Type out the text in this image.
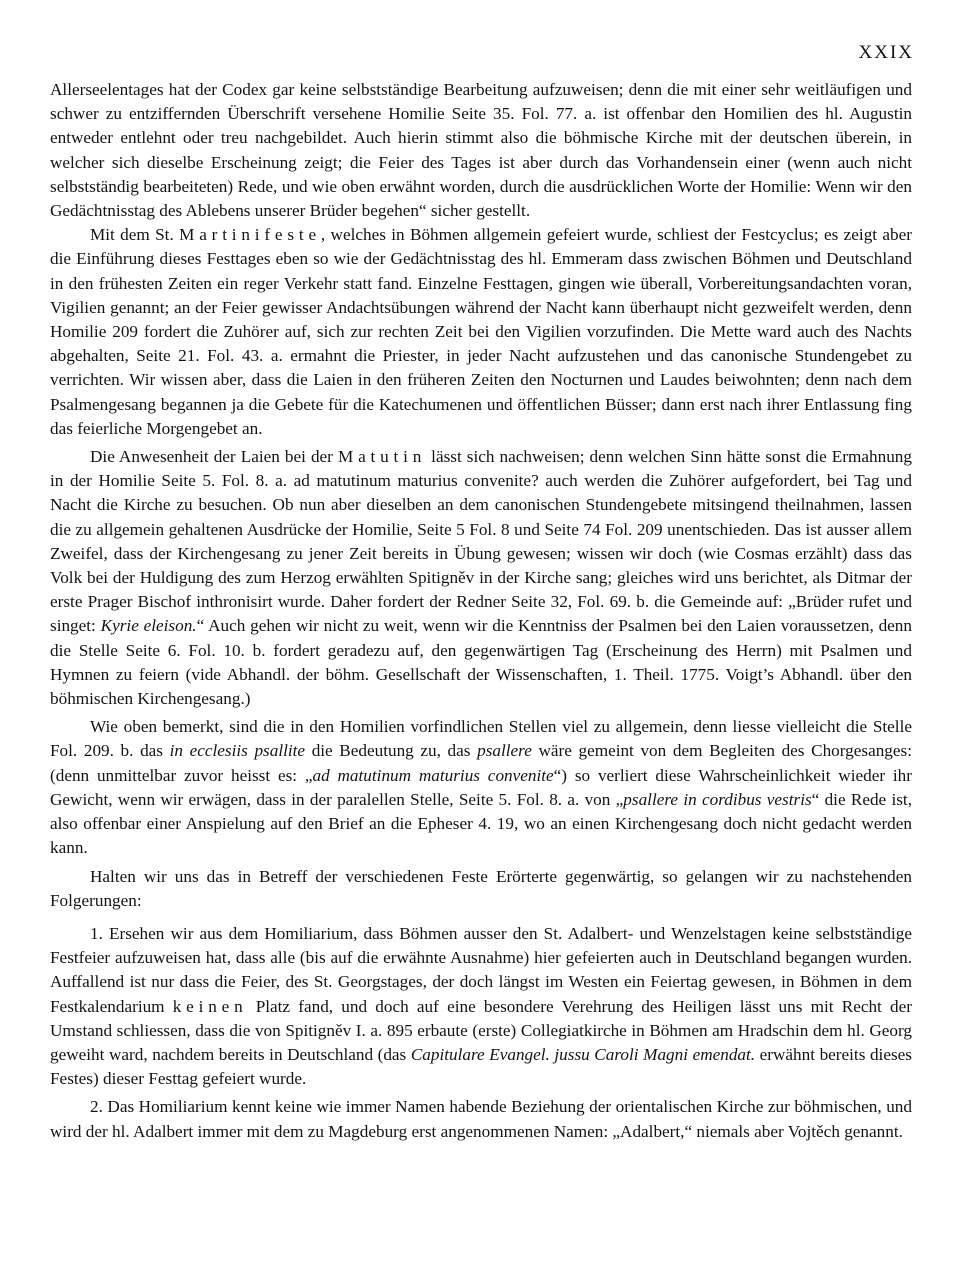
XXIX

Allerseelentages hat der Codex gar keine selbstständige Bearbeitung aufzuweisen; denn die mit einer sehr weitläufigen und schwer zu entziffernden Überschrift versehene Homilie Seite 35. Fol. 77. a. ist offenbar den Homilien des hl. Augustin entweder entlehnt oder treu nachgebildet. Auch hierin stimmt also die böhmische Kirche mit der deutschen überein, in welcher sich dieselbe Erscheinung zeigt; die Feier des Tages ist aber durch das Vorhandensein einer (wenn auch nicht selbstständig bearbeiteten) Rede, und wie oben erwähnt worden, durch die ausdrücklichen Worte der Homilie: Wenn wir den Gedächtnisstag des Ablebens unserer Brüder begehen“ sicher gestellt.

Mit dem St. Martinifeste, welches in Böhmen allgemein gefeiert wurde, schliest der Festcyclus; es zeigt aber die Einführung dieses Festtages eben so wie der Gedächtnisstag des hl. Emmeram dass zwischen Böhmen und Deutschland in den frühesten Zeiten ein reger Verkehr statt fand. Einzelne Festtagen, gingen wie überall, Vorbereitungsandachten voran, Vigilien genannt; an der Feier gewisser Andachtsübungen während der Nacht kann überhaupt nicht gezweifelt werden, denn Homilie 209 fordert die Zuhörer auf, sich zur rechten Zeit bei den Vigilien vorzufinden. Die Mette ward auch des Nachts abgehalten, Seite 21. Fol. 43. a. ermahnt die Priester, in jeder Nacht aufzustehen und das canonische Stundengebet zu verrichten. Wir wissen aber, dass die Laien in den früheren Zeiten den Nocturnen und Laudes beiwohnten; denn nach dem Psalmengesang begannen ja die Gebete für die Katechumenen und öffentlichen Büsser; dann erst nach ihrer Entlassung fing das feierliche Morgengebet an.

Die Anwesenheit der Laien bei der Matutin lässt sich nachweisen; denn welchen Sinn hätte sonst die Ermahnung in der Homilie Seite 5. Fol. 8. a. ad matutinum maturius convenite? auch werden die Zuhörer aufgefordert, bei Tag und Nacht die Kirche zu besuchen. Ob nun aber dieselben an dem canonischen Stundengebete mitsingend theilnahmen, lassen die zu allgemein gehaltenen Ausdrücke der Homilie, Seite 5 Fol. 8 und Seite 74 Fol. 209 unentschieden. Das ist ausser allem Zweifel, dass der Kirchengesang zu jener Zeit bereits in Übung gewesen; wissen wir doch (wie Cosmas erzählt) dass das Volk bei der Huldigung des zum Herzog erwählten Spitigněv in der Kirche sang; gleiches wird uns berichtet, als Ditmar der erste Prager Bischof inthronisirt wurde. Daher fordert der Redner Seite 32, Fol. 69. b. die Gemeinde auf: „Brüder rufet und singet: Kyrie eleison.“ Auch gehen wir nicht zu weit, wenn wir die Kenntniss der Psalmen bei den Laien voraussetzen, denn die Stelle Seite 6. Fol. 10. b. fordert geradezu auf, den gegenwärtigen Tag (Erscheinung des Herrn) mit Psalmen und Hymnen zu feiern (vide Abhandl. der böhm. Gesellschaft der Wissenschaften, 1. Theil. 1775. Voigt’s Abhandl. über den böhmischen Kirchengesang.)

Wie oben bemerkt, sind die in den Homilien vorfindlichen Stellen viel zu allgemein, denn liesse vielleicht die Stelle Fol. 209. b. das in ecclesiis psallite die Bedeutung zu, das psallere wäre gemeint von dem Begleiten des Chorgesanges: (denn unmittelbar zuvor heisst es: „ad matutinum maturius convenite“) so verliert diese Wahrscheinlichkeit wieder ihr Gewicht, wenn wir erwägen, dass in der paralellen Stelle, Seite 5. Fol. 8. a. von „psallere in cordibus vestris“ die Rede ist, also offenbar einer Anspielung auf den Brief an die Epheser 4. 19, wo an einen Kirchengesang doch nicht gedacht werden kann.

Halten wir uns das in Betreff der verschiedenen Feste Erörterte gegenwärtig, so gelangen wir zu nachstehenden Folgerungen:

1. Ersehen wir aus dem Homiliarium, dass Böhmen ausser den St. Adalbert- und Wenzelstagen keine selbstständige Festfeier aufzuweisen hat, dass alle (bis auf die erwähnte Ausnahme) hier gefeierten auch in Deutschland begangen wurden. Auffallend ist nur dass die Feier, des St. Georgstages, der doch längst im Westen ein Feiertag gewesen, in Böhmen in dem Festkalendarium keinen Platz fand, und doch auf eine besondere Verehrung des Heiligen lässt uns mit Recht der Umstand schliessen, dass die von Spitigněv I. a. 895 erbaute (erste) Collegiatkirche in Böhmen am Hradschin dem hl. Georg geweiht ward, nachdem bereits in Deutschland (das Capitulare Evangel. jussu Caroli Magni emendat. erwähnt bereits dieses Festes) dieser Festtag gefeiert wurde.

2. Das Homiliarium kennt keine wie immer Namen habende Beziehung der orientalischen Kirche zur böhmischen, und wird der hl. Adalbert immer mit dem zu Magdeburg erst angenommenen Namen: „Adalbert,“ niemals aber Vojtěch genannt.
